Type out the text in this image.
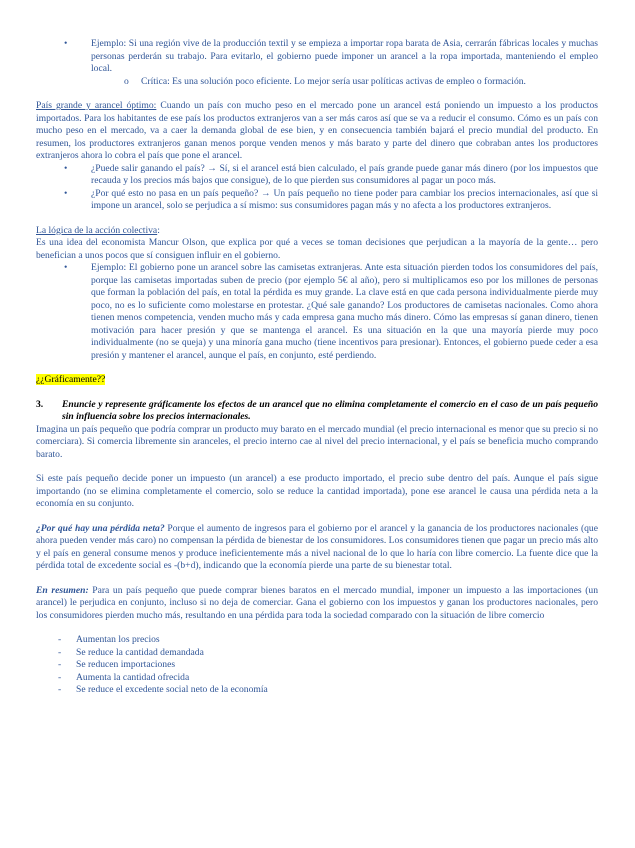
• Ejemplo: Si una región vive de la producción textil y se empieza a importar ropa barata de Asia, cerrarán fábricas locales y muchas personas perderán su trabajo. Para evitarlo, el gobierno puede imponer un arancel a la ropa importada, manteniendo el empleo local.
o Crítica: Es una solución poco eficiente. Lo mejor sería usar políticas activas de empleo o formación.

País grande y arancel óptimo: Cuando un país con mucho peso en el mercado pone un arancel está poniendo un impuesto a los productos importados. Para los habitantes de ese país los productos extranjeros van a ser más caros así que se va a reducir el consumo. Cómo es un país con mucho peso en el mercado, va a caer la demanda global de ese bien, y en consecuencia también bajará el precio mundial del producto. En resumen, los productores extranjeros ganan menos porque venden menos y más barato y parte del dinero que cobraban antes los productores extranjeros ahora lo cobra el país que pone el arancel.

• ¿Puede salir ganando el país? → Sí, si el arancel está bien calculado, el país grande puede ganar más dinero (por los impuestos que recauda y los precios más bajos que consigue), de lo que pierden sus consumidores al pagar un poco más.
• ¿Por qué esto no pasa en un país pequeño? → Un país pequeño no tiene poder para cambiar los precios internacionales, así que si impone un arancel, solo se perjudica a sí mismo: sus consumidores pagan más y no afecta a los productores extranjeros.

La lógica de la acción colectiva:

Es una idea del economista Mancur Olson, que explica por qué a veces se toman decisiones que perjudican a la mayoría de la gente… pero benefician a unos pocos que sí consiguen influir en el gobierno.

• Ejemplo: El gobierno pone un arancel sobre las camisetas extranjeras. Ante esta situación pierden todos los consumidores del país, porque las camisetas importadas suben de precio (por ejemplo 5€ al año), pero si multiplicamos eso por los millones de personas que forman la población del país, en total la pérdida es muy grande. La clave está en que cada persona individualmente pierde muy poco, no es lo suficiente como molestarse en protestar. ¿Qué sale ganando? Los productores de camisetas nacionales. Como ahora tienen menos competencia, venden mucho más y cada empresa gana mucho más dinero. Cómo las empresas sí ganan dinero, tienen motivación para hacer presión y que se mantenga el arancel. Es una situación en la que una mayoría pierde muy poco individualmente (no se queja) y una minoría gana mucho (tiene incentivos para presionar). Entonces, el gobierno puede ceder a esa presión y mantener el arancel, aunque el país, en conjunto, esté perdiendo.

¿¿Gráficamente??

3.	Enuncie y represente gráficamente los efectos de un arancel que no elimina completamente el comercio en el caso de un país pequeño sin influencia sobre los precios internacionales.

Imagina un país pequeño que podría comprar un producto muy barato en el mercado mundial (el precio internacional es menor que su precio si no comerciara). Si comercia libremente sin aranceles, el precio interno cae al nivel del precio internacional, y el país se beneficia mucho comprando barato.

Si este país pequeño decide poner un impuesto (un arancel) a ese producto importado, el precio sube dentro del país. Aunque el país sigue importando (no se elimina completamente el comercio, solo se reduce la cantidad importada), pone ese arancel le causa una pérdida neta a la economía en su conjunto.

¿Por qué hay una pérdida neta? Porque el aumento de ingresos para el gobierno por el arancel y la ganancia de los productores nacionales (que ahora pueden vender más caro) no compensan la pérdida de bienestar de los consumidores. Los consumidores tienen que pagar un precio más alto y el país en general consume menos y produce ineficientemente más a nivel nacional de lo que lo haría con libre comercio. La fuente dice que la pérdida total de excedente social es -(b+d), indicando que la economía pierde una parte de su bienestar total.

En resumen: Para un país pequeño que puede comprar bienes baratos en el mercado mundial, imponer un impuesto a las importaciones (un arancel) le perjudica en conjunto, incluso si no deja de comerciar. Gana el gobierno con los impuestos y ganan los productores nacionales, pero los consumidores pierden mucho más, resultando en una pérdida para toda la sociedad comparado con la situación de libre comercio

- Aumentan los precios
- Se reduce la cantidad demandada
- Se reducen importaciones
- Aumenta la cantidad ofrecida
- Se reduce el excedente social neto de la economía
